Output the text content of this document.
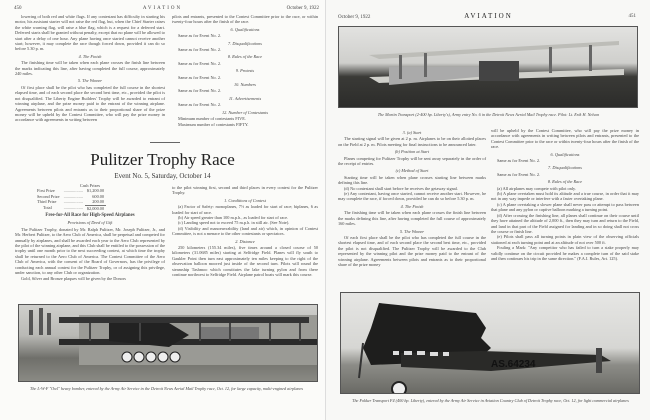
450	AVIATION	October 9, 1922

lowering of both red and white flags. If any contestant has difficulty in starting his motor, his assistant starter will not raise the red flag, but, when the Chief Starter raises the white warning flag, will raise a blue flag, which is a request for a deferred start. Deferred starts shall be granted without penalty, except that no plane will be allowed to start after a delay of one hour. Any plane having once started cannot receive another start; however, it may complete the race though forced down, provided it can do so before 5.30 p. m.

4. The Finish

The finishing time will be taken when each plane crosses the finish line between the marks indicating this line, after having completed the full course, approximately 240 miles.

5. The Winner

Of first place shall be the pilot who has completed the full course in the shortest elapsed time, and of each second place the second best time, etc., provided the pilot is not disqualified. The Liberty Engine Builders' Trophy will be awarded to entrant of winning airplane, and the prize money paid to the entrant of the winning airplane. Agreements between pilots and entrants as to their proportional share of the prize money will be upheld by the Contest Committee, who will pay the prize money in accordance with agreements in writing between

pilots and entrants, presented to the Contest Committee prior to the race, or within twenty-four hours after the finish of the race.

6. Qualifications
Same as for Event No. 2.
7. Disqualifications
Same as for Event No. 2.
8. Rules of the Race
Same as for Event No. 2.
9. Protests
Same as for Event No. 2.
10. Numbers
Same as for Event No. 2.
11. Advertisements
Same as for Event No. 2.
12. Number of Contestants
Minimum number of contestants FIVE.
Maximum number of contestants FIFTY.
Pulitzer Trophy Race
Event No. 5, Saturday, October 14
Cash Prizes
First Prize	..................	$1,200.00
Second Prize	..................	600.00
Third Prize	..................	200.00
Total	..................	$2,000.00
Free-for-All Race for High-Speed Airplanes
Provisions of Deed of Gift

The Pulitzer Trophy, donated by Mr. Ralph Pulitzer, Mr. Joseph Pulitzer, Jr., and Mr. Herbert Pulitzer, to the Aero Club of America, shall be perpetual and competed for annually by airplanes, and shall be awarded each year to the Aero Club represented by the pilot of the winning airplane, and this Club shall be entitled to the possession of the trophy until one month prior to the next succeeding contest, at which time the trophy shall be returned to the Aero Club of America. The Contest Committee of the Aero Club of America, with the consent of the Board of Governors, has the privilege of conducting each annual contest for the Pulitzer Trophy, or of assigning this privilege, under sanction, to any other Club or organization.

Gold, Silver and Bronze plaques will be given by the Donors

to the pilot winning first, second and third places in every contest for the Pulitzer Trophy.

1. Conditions of Contest

(a) Factor of Safety: monoplanes, 7½ as loaded for start of race; biplanes, 6 as loaded for start of race.

(b) Air speed greater than 100 m.p.h., as loaded for start of race.

(c) Landing speed not to exceed 75 m.p.h. in still air. (See Note).

(d) Visibility and manoeuvrability (land and air) which, in opinion of Contest Committee, is not a menace to the other contestants or spectators.

2. Distance

250 kilometers (155.34 miles), five times around a closed course of 50 kilometers (31.0685 miles) starting at Selfridge Field. Planes will fly south to Gaukler Point then turn east approximately ten miles keeping to the right of the observation balloon moored just inside of the second turn. Pilots will round the steamship Tashmoo which constitutes the lake turning pylon and from there continue northwest to Selfridge Field. Airplane patrol boats will mark this course.

The L-W-F "Owl" heavy bomber, entered by the Army Air Service in the Detroit News Aerial Mail Trophy race, Oct. 12, for large capacity, multi-engined airplanes
October 9, 1922	AVIATION	451
The Martin Transport (2-400 hp. Liberty's), Army entry No. 6 in the Detroit News Aerial Mail Trophy race. Pilot: Lt. Erik H. Nelson
3. (a) Start

The starting signal will be given at 2 p. m. Airplanes to be on their allotted places on the Field at 2 p. m. Pilots meeting for final instructions to be announced later.

(b) Position at Start

Planes competing for Pulitzer Trophy will be sent away separately in the order of the receipt of entries.

(c) Method of Start

Starting time will be taken when plane crosses starting line between marks defining this line.

(d) No contestant shall start before he receives the getaway signal.

(e) Any contestant, having once started, cannot receive another start. However, he may complete the race, if forced down, provided he can do so before 5.30 p. m.

4. The Finish

The finishing time will be taken when each plane crosses the finish line between the marks defining this line, after having completed the full course of approximately 160 miles.

5. The Winner

Of each first place shall be the pilot who has completed the full course in the shortest elapsed time, and of each second place the second best time, etc., provided the pilot is not disqualified. The Pulitzer Trophy will be awarded to the Club represented by the winning pilot and the prize money paid to the entrant of the winning airplane. Agreements between pilots and entrants as to their proportional share of the prize money

will be upheld by the Contest Committee, who will pay the prize money in accordance with agreements in writing between pilots and entrants, presented to the Contest Committee prior to the race or within twenty-four hours after the finish of the race.

6. Qualifications
Same as for Event No. 2.
7. Disqualifications
Same as for Event No. 2.
8. Rules of the Race

(a) All airplanes may compete with pilot only.

(b) A plane overtaken must hold its altitude and a true course, in order that it may not in any way impede or interfere with a faster overtaking plane.

(c) A plane overtaking a slower plane shall never pass or attempt to pass between that plane and any pylon or captive balloon marking a turning point.

(d) After crossing the finishing line, all planes shall continue on their course until they have attained the altitude of 2,000 ft., then they may turn and return to the Field, and land in that part of the Field assigned for landing and in so doing shall not cross the course or finish line.

(e) Pilots shall pass all turning points in plain view of the observing officials stationed at each turning point and at an altitude of not over 500 ft.

Fouling a Mark: "Any competitor who has failed to turn a stake properly may validly continue on the circuit provided he makes a complete turn of the said stake and then continues his trip in the same direction." (F.A.I. Rules, Art. 125).

AS.64234
The Fokker Transport F4 (400 hp. Liberty), entered by the Army Air Service in Aviation Country Club of Detroit Trophy race, Oct. 12, for light commercial airplanes
